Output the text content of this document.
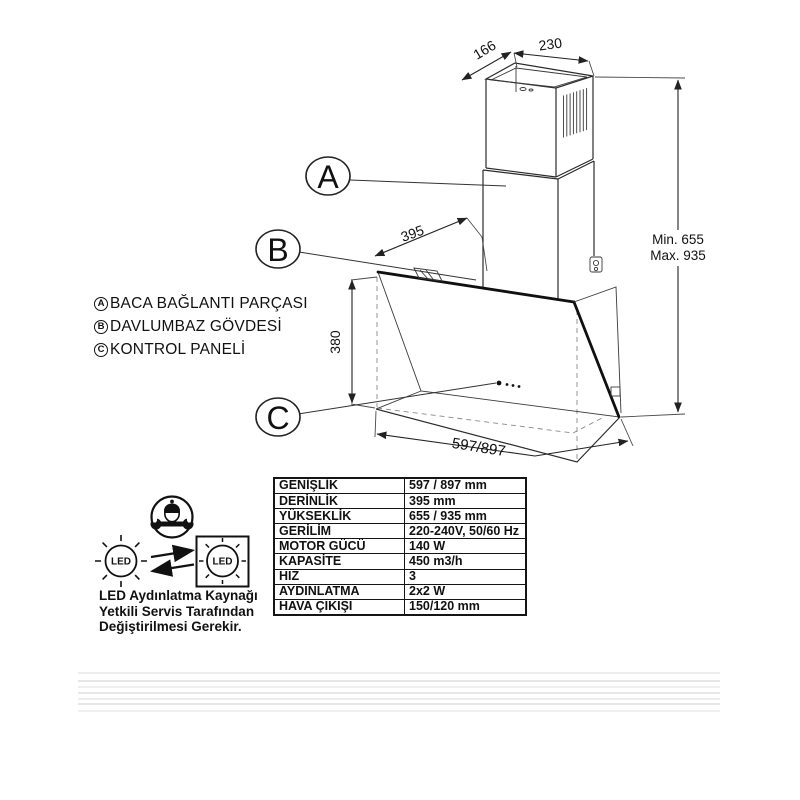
230
166
395
380
597/897
Min. 655
Max. 935
A
B
C
LED	LED
A BACA BAĞLANTI PARÇASI
B DAVLUMBAZ GÖVDESİ
C KONTROL PANELİ
GENİŞLİK	597 / 897 mm
DERİNLİK	395 mm
YÜKSEKLİK	655 / 935 mm
GERİLİM	220-240V, 50/60 Hz
MOTOR GÜCÜ	140 W
KAPASİTE	450 m3/h
HIZ	3
AYDINLATMA	2x2 W
HAVA ÇIKIŞI	150/120 mm
LED Aydınlatma Kaynağı
Yetkili Servis Tarafından
Değiştirilmesi Gerekir.
